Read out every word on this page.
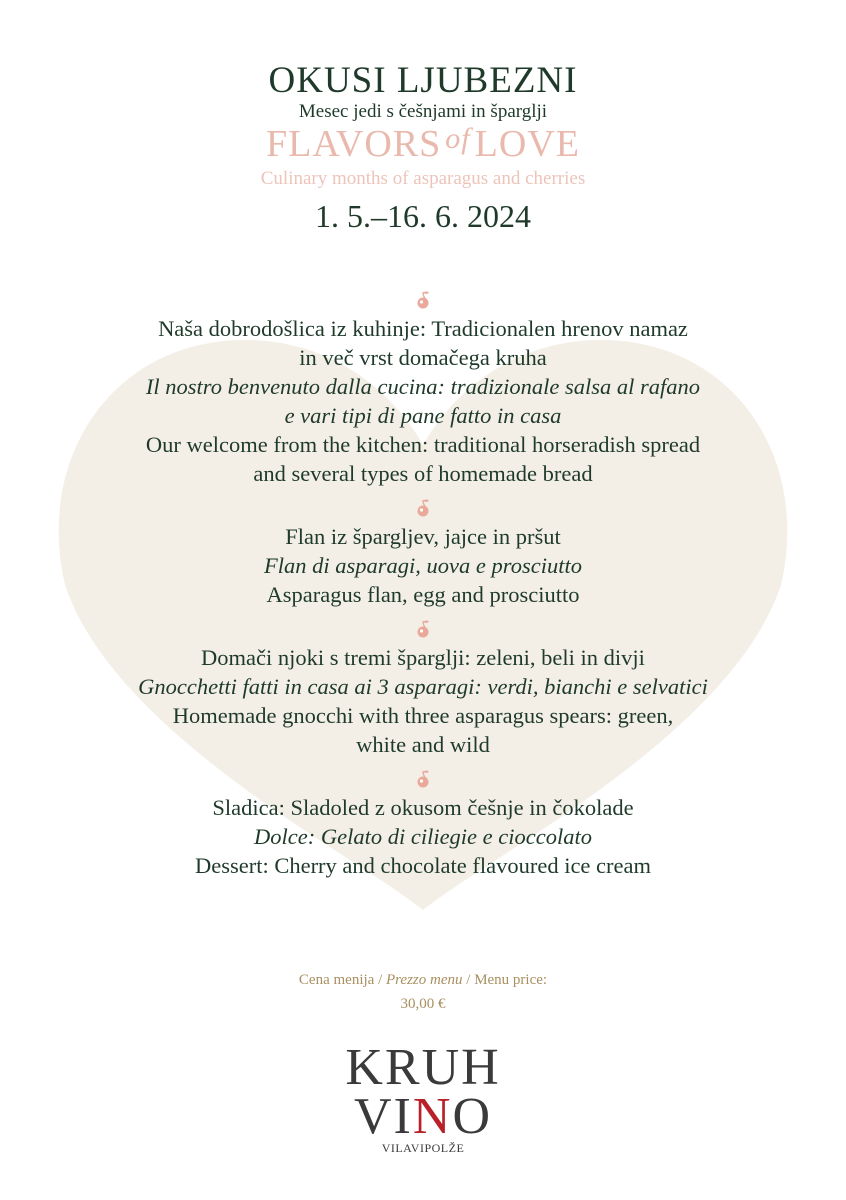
OKUSI LJUBEZNI
Mesec jedi s češnjami in šparglji
FLAVORS $^{of}$ LOVE
Culinary months of asparagus and cherries
1. 5.–16. 6. 2024

Naša dobrodošlica iz kuhinje: Tradicionalen hrenov namaz

in več vrst domačega kruha

Il nostro benvenuto dalla cucina: tradizionale salsa al rafano

e vari tipi di pane fatto in casa

Our welcome from the kitchen: traditional horseradish spread

and several types of homemade bread

Flan iz špargljev, jajce in pršut

Flan di asparagi, uova e prosciutto

Asparagus flan, egg and prosciutto

Domači njoki s tremi šparglji: zeleni, beli in divji

Gnocchetti fatti in casa ai 3 asparagi: verdi, bianchi e selvatici

Homemade gnocchi with three asparagus spears: green,

white and wild

Sladica: Sladoled z okusom češnje in čokolade

Dolce: Gelato di ciliegie e cioccolato

Dessert: Cherry and chocolate flavoured ice cream

Cena menija / Prezzo menu / Menu price:
30,00 €
KRUH
VINO
VILAVIPOLŽE
